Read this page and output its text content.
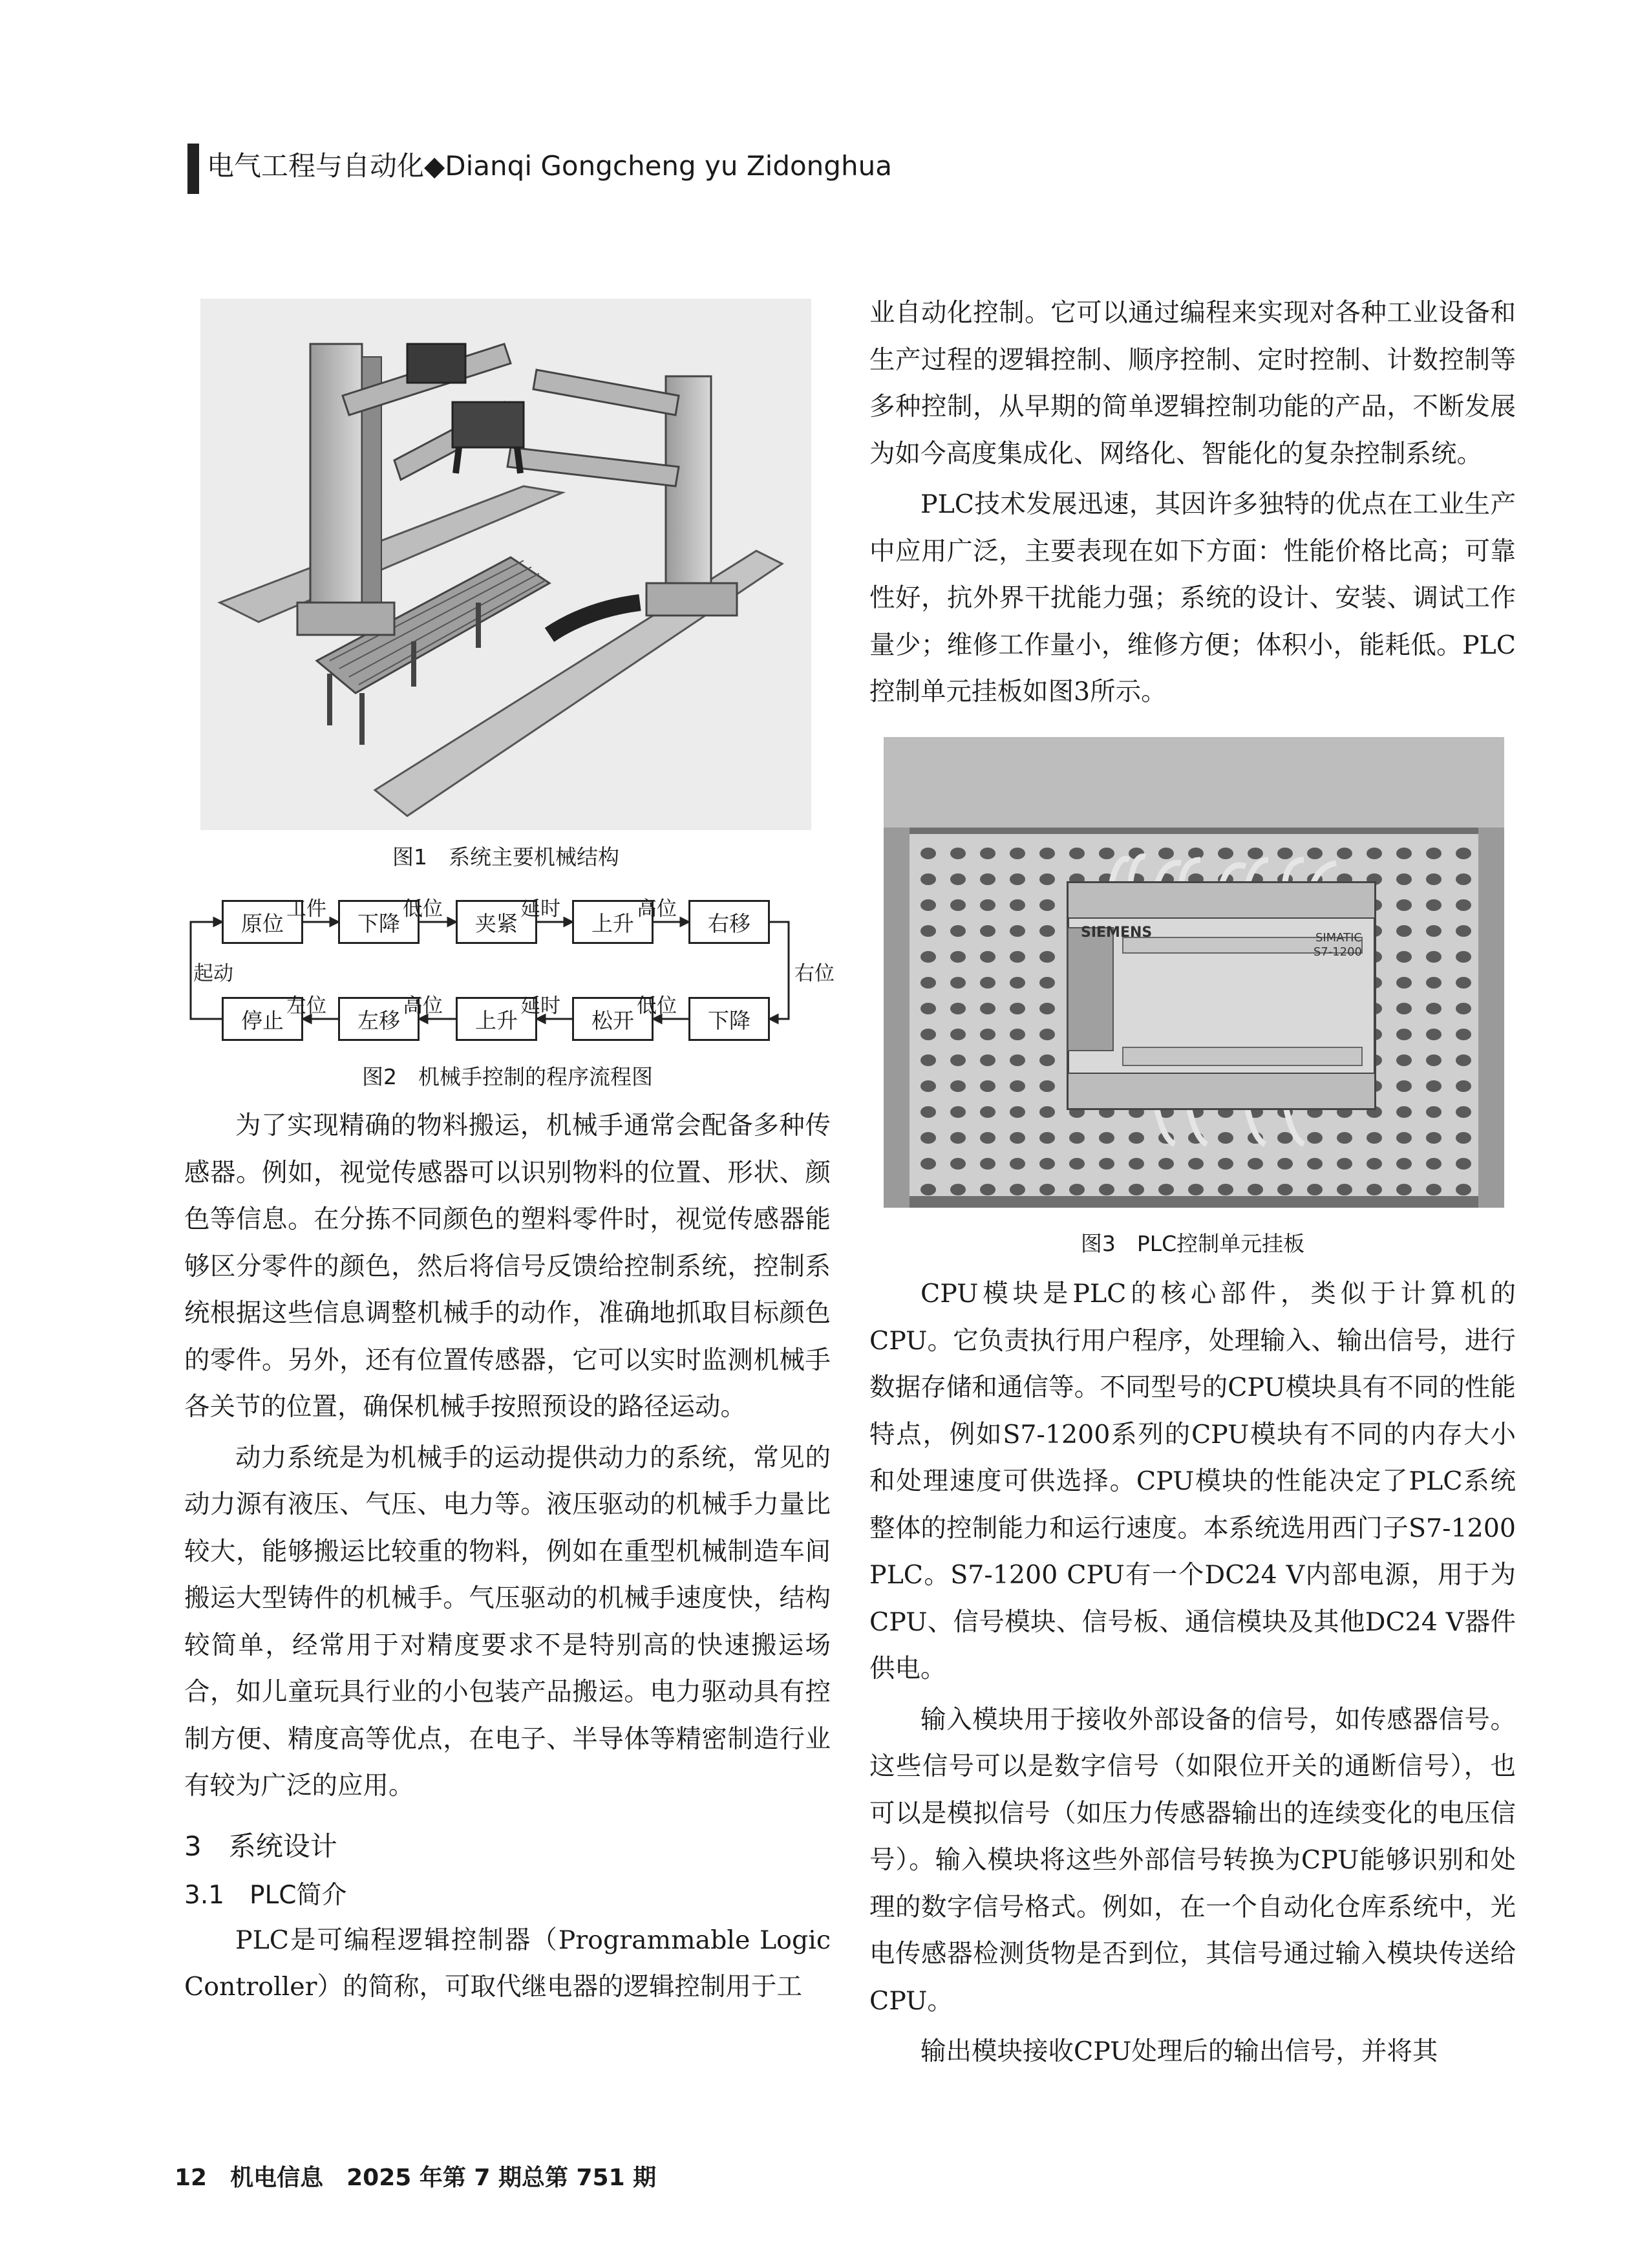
电气工程与自动化◆Dianqi Gongcheng yu Zidonghua
图1　系统主要机械结构
原位	下降	夹紧	上升	右移
停止	左移	上升	松开	下降
工件	低位	延时	高位
左位	高位	延时	低位
起动	右位
图2　机械手控制的程序流程图

为了实现精确的物料搬运，机械手通常会配备多种传感器。例如，视觉传感器可以识别物料的位置、形状、颜色等信息。在分拣不同颜色的塑料零件时，视觉传感器能够区分零件的颜色，然后将信号反馈给控制系统，控制系统根据这些信息调整机械手的动作，准确地抓取目标颜色的零件。另外，还有位置传感器，它可以实时监测机械手各关节的位置，确保机械手按照预设的路径运动。

动力系统是为机械手的运动提供动力的系统，常见的动力源有液压、气压、电力等。液压驱动的机械手力量比较大，能够搬运比较重的物料，例如在重型机械制造车间搬运大型铸件的机械手。气压驱动的机械手速度快，结构较简单，经常用于对精度要求不是特别高的快速搬运场合，如儿童玩具行业的小包装产品搬运。电力驱动具有控制方便、精度高等优点，在电子、半导体等精密制造行业有较为广泛的应用。

3　系统设计
3.1　PLC简介

PLC是可编程逻辑控制器（Programmable Logic Controller）的简称，可取代继电器的逻辑控制用于工

业自动化控制。它可以通过编程来实现对各种工业设备和生产过程的逻辑控制、顺序控制、定时控制、计数控制等多种控制，从早期的简单逻辑控制功能的产品，不断发展为如今高度集成化、网络化、智能化的复杂控制系统。

PLC技术发展迅速，其因许多独特的优点在工业生产中应用广泛，主要表现在如下方面：性能价格比高；可靠性好，抗外界干扰能力强；系统的设计、安装、调试工作量少；维修工作量小，维修方便；体积小，能耗低。PLC控制单元挂板如图3所示。

SIEMENS	SIMATIC
S7-1200
图3　PLC控制单元挂板

CPU模块是PLC的核心部件，类似于计算机的CPU。它负责执行用户程序，处理输入、输出信号，进行数据存储和通信等。不同型号的CPU模块具有不同的性能特点，例如S7-1200系列的CPU模块有不同的内存大小和处理速度可供选择。CPU模块的性能决定了PLC系统整体的控制能力和运行速度。本系统选用西门子S7-1200 PLC。S7-1200 CPU有一个DC24 V内部电源，用于为CPU、信号模块、信号板、通信模块及其他DC24 V器件供电。

输入模块用于接收外部设备的信号，如传感器信号。这些信号可以是数字信号（如限位开关的通断信号），也可以是模拟信号（如压力传感器输出的连续变化的电压信号）。输入模块将这些外部信号转换为CPU能够识别和处理的数字信号格式。例如，在一个自动化仓库系统中，光电传感器检测货物是否到位，其信号通过输入模块传送给CPU。

输出模块接收CPU处理后的输出信号，并将其

12　机电信息　2025 年第 7 期总第 751 期
